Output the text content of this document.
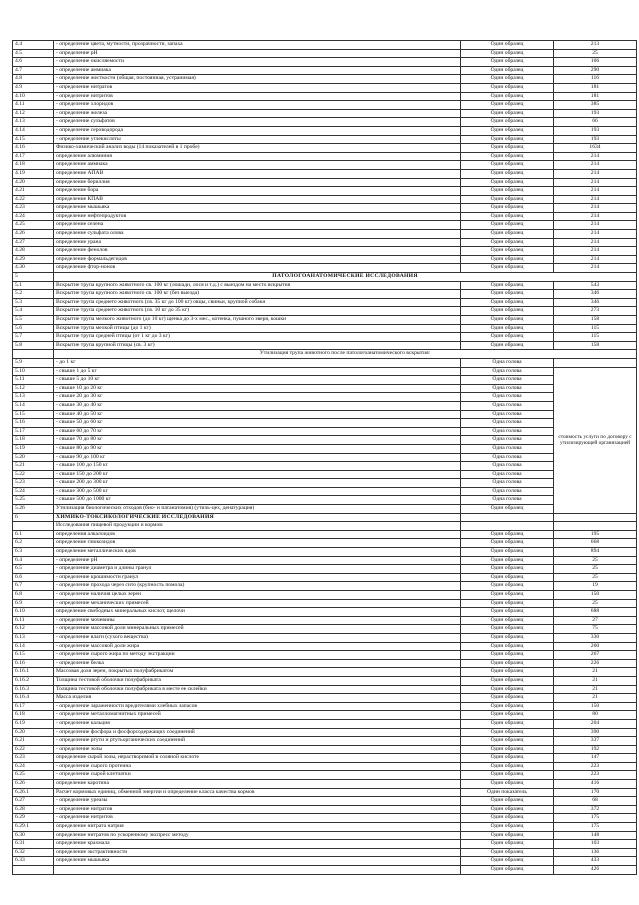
4.4	- определение цвета, мутности, прозрачности, запаха	Один образец	213
4.5	- определение pH	Один образец	25
4.6	- определение окисляемости	Один образец	106
4.7	- определение аммиака	Один образец	290
4.8	- определение жесткости (общая, постоянная, устранимая)	Один образец	116
4.9	- определение нитратов	Один образец	181
4.10	- определение нитритов	Один образец	181
4.11	- определение хлоридов	Один образец	385
4.12	- определение железа	Один образец	193
4.13	- определение сульфатов	Один образец	66
4.14	- определение сероводорода	Один образец	193
4.15	- определение углекислоты	Один образец	193
4.16	Физико-химический анализ воды (14 показателей в 1 пробе)	Один образец	1634
4.17	определение алюминия	Один образец	214
4.18	определение аммиака	Один образец	214
4.19	определение АПАВ	Один образец	214
4.20	определение бериллия	Один образец	214
4.21	определение бора	Один образец	214
4.22	определение КПАВ	Один образец	214
4.23	определение мышьяка	Один образец	214
4.24	определение нефтепродуктов	Один образец	214
4.25	определение селена	Один образец	214
4.26	определение сульфата олова	Один образец	214
4.27	определение урана	Один образец	214
4.28	определение фенолов	Один образец	214
4.29	определение формальдегидов	Один образец	214
4.30	определение фтор-ионов	Один образец	214
5	ПАТОЛОГОАНАТОМИЧЕСКИЕ ИССЛЕДОВАНИЯ		
5.1	Вскрытие трупа крупного животного св. 100 кг (лошади, лося и т.д.) с выездом на место вскрытия	Один образец	543
5.2	Вскрытие трупа крупного животного св. 100 кг (без выезда)	Один образец	346
5.3	Вскрытие трупа среднего животного (св. 35 кг до 100 кг) овцы, свиньи, крупной собаки	Один образец	346
5.4	Вскрытие трупа среднего животного (св. 10 кг до 35 кг)	Один образец	273
5.5	Вскрытие трупа мелкого животного (до 10 кг) щенка до 3-х мес., котенка, пушного зверя, кошки	Один образец	158
5.6	Вскрытие трупа мелкой птицы (до 1 кг)	Один образец	115
5.7	Вскрытие трупа средней птицы (от 1 кг до 3 кг)	Один образец	115
5.8	Вскрытие трупа крупной птицы (св. 3 кг)	Один образец	158
	Утилизация трупа животного после патологоанатомического вскрытия:		
5.9	- до 1 кг	Одна голова	
5.10	- свыше 1 до 5 кг	Одна голова	стоимость услуги по договору с утилизирующей организацией
5.11	- свыше 5 до 10 кг	Одна голова	
5.12	- свыше 10 до 20 кг	Одна голова	
5.13	- свыше 20 до 30 кг	Одна голова	
5.14	- свыше 30 до 40 кг	Одна голова	
5.15	- свыше 40 до 50 кг	Одна голова	
5.16	- свыше 50 до 60 кг	Одна голова	
5.17	- свыше 60 до 70 кг	Одна голова	
5.18	- свыше 70 до 80 кг	Одна голова	
5.19	- свыше 80 до 90 кг	Одна голова	
5.20	- свыше 90 до 100 кг	Одна голова	
5.21	- свыше 100 до 150 кг	Одна голова	
5.22	- свыше 150 до 200 кг	Одна голова	
5.23	- свыше 200 до 300 кг	Одна голова	
5.24	- свыше 300 до 500 кг	Одна голова	
5.25	- свыше 500 до 1000 кг	Одна голова	
5.26	Утилизация биологических отходов (био- и патанатомия) (утиль-цех, денатурация)	Один образец	
6	ХИМИКО-ТОКСИКОЛОГИЧЕСКИЕ ИССЛЕДОВАНИЯ		
	Исследования пищевой продукции и кормов:		
6.1	определения алкалоидов	Один образец	195
6.2	определение глюкозидов	Один образец	668
6.3	определение металлических ядов	Один образец	894
6.4	- определение pH	Один образец	25
6.5	- определение диаметра и длины гранул	Один образец	25
6.6	- определение крошимости гранул	Один образец	25
6.7	- определение прохода через сито (крупность помола)	Один образец	19
6.8	- определение наличия целых зерен	Один образец	150
6.9	- определение механических примесей	Один образец	25
6.10	определение свободных минеральных кислот, щелочи	Один образец	688
6.11	- определение мочевины	Один образец	27
6.12	- определение массовой доли минеральных примесей	Один образец	75
6.13	- определение влаги (сухого вещества)	Один образец	330
6.14	- определение массовой доли жира	Один образец	260
6.15	- определение сырого жира по методу экстракции	Один образец	267
6.16	- определение белка	Один образец	226
6.16.1	Массовая доля зерен, покрытых полуфабрикатом	Один образец	21
6.16.2	Толщина тестовой оболочки полуфабриката	Один образец	21
6.16.3	Толщина тестовой оболочки полуфабриката в месте ее склейки	Один образец	21
6.16.4	Масса изделия	Один образец	21
6.17	- определение зараженности вредителями хлебных запасов	Один образец	150
6.18	- определение металломагнитных примесей	Один образец	80
6.19	- определение кальция	Один образец	204
6.20	- определение фосфора и фосфорсодержащих соединений	Один образец	390
6.21	- определение ртути и ртутьорганических соединений	Один образец	337
6.22	- определение золы	Один образец	192
6.23	определение сырой золы, нерастворимой в соляной кислоте	Один образец	147
6.24	- определение сырого протеина	Один образец	223
6.25	- определение сырой клетчатки	Один образец	223
6.26	определение каротина	Один образец	416
6.26.1	Расчет кормовых единиц, обменной энергии и определение класса качества кормов	Один показатель	170
6.27	- определение уреазы	Один образец	68
6.28	- определение нитратов	Один образец	372
6.29	- определение нитритов	Один образец	175
6.29.1	определение нитрата натрия	Один образец	175
6.30	определение нитратов по ускоренному экспресс методу	Один образец	148
6.31	определение крахмала	Один образец	103
6.32	определение экстрактивности	Один образец	136
6.33	определение мышьяка	Один образец	433
		Один образец	426
